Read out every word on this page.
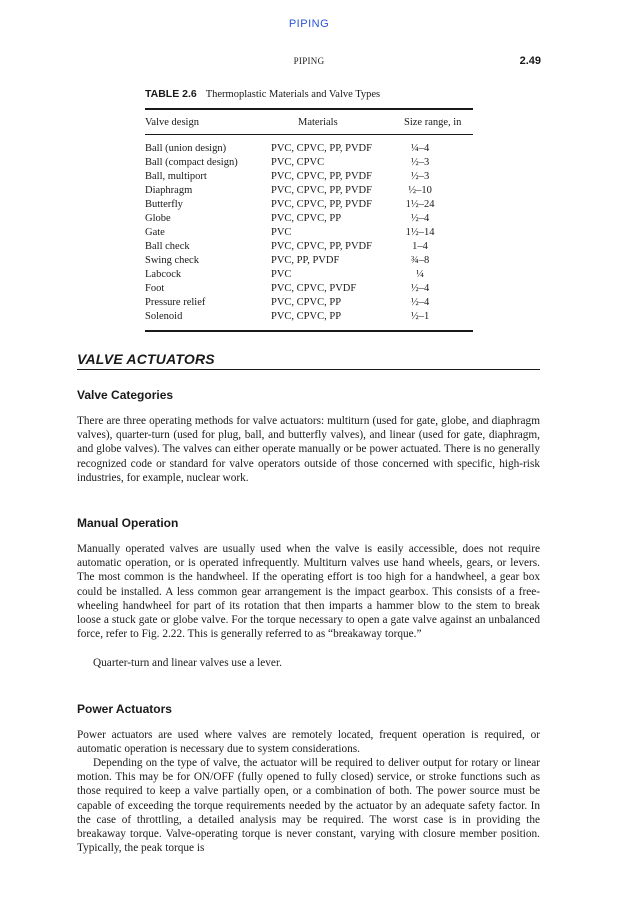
PIPING
PIPING	2.49
TABLE 2.6 Thermoplastic Materials and Valve Types
Valve design	Materials	Size range, in
Ball (union design)	PVC, CPVC, PP, PVDF	¼–4
Ball (compact design)	PVC, CPVC	½–3
Ball, multiport	PVC, CPVC, PP, PVDF	½–3
Diaphragm	PVC, CPVC, PP, PVDF	½–10
Butterfly	PVC, CPVC, PP, PVDF	1½–24
Globe	PVC, CPVC, PP	½–4
Gate	PVC	1½–14
Ball check	PVC, CPVC, PP, PVDF	1–4
Swing check	PVC, PP, PVDF	¾–8
Labcock	PVC	¼
Foot	PVC, CPVC, PVDF	½–4
Pressure relief	PVC, CPVC, PP	½–4
Solenoid	PVC, CPVC, PP	½–1
VALVE ACTUATORS
Valve Categories

There are three operating methods for valve actuators: multiturn (used for gate, globe, and diaphragm valves), quarter-turn (used for plug, ball, and butterfly valves), and linear (used for gate, diaphragm, and globe valves). The valves can either operate manually or be power actuated. There is no generally recognized code or standard for valve operators outside of those concerned with specific, high-risk industries, for example, nuclear work.

Manual Operation

Manually operated valves are usually used when the valve is easily accessible, does not require automatic operation, or is operated infrequently. Multiturn valves use hand wheels, gears, or levers. The most common is the handwheel. If the operating effort is too high for a handwheel, a gear box could be installed. A less common gear arrangement is the impact gearbox. This consists of a free-wheeling handwheel for part of its rotation that then imparts a hammer blow to the stem to break loose a stuck gate or globe valve. For the torque necessary to open a gate valve against an unbalanced force, refer to Fig. 2.22. This is generally referred to as “breakaway torque.”

Quarter-turn and linear valves use a lever.

Power Actuators

Power actuators are used where valves are remotely located, frequent operation is required, or automatic operation is necessary due to system considerations.

Depending on the type of valve, the actuator will be required to deliver output for rotary or linear motion. This may be for ON/OFF (fully opened to fully closed) service, or stroke functions such as those required to keep a valve partially open, or a combination of both. The power source must be capable of exceeding the torque requirements needed by the actuator by an adequate safety factor. In the case of throttling, a detailed analysis may be required. The worst case is in providing the breakaway torque. Valve-operating torque is never constant, varying with closure member position. Typically, the peak torque is
